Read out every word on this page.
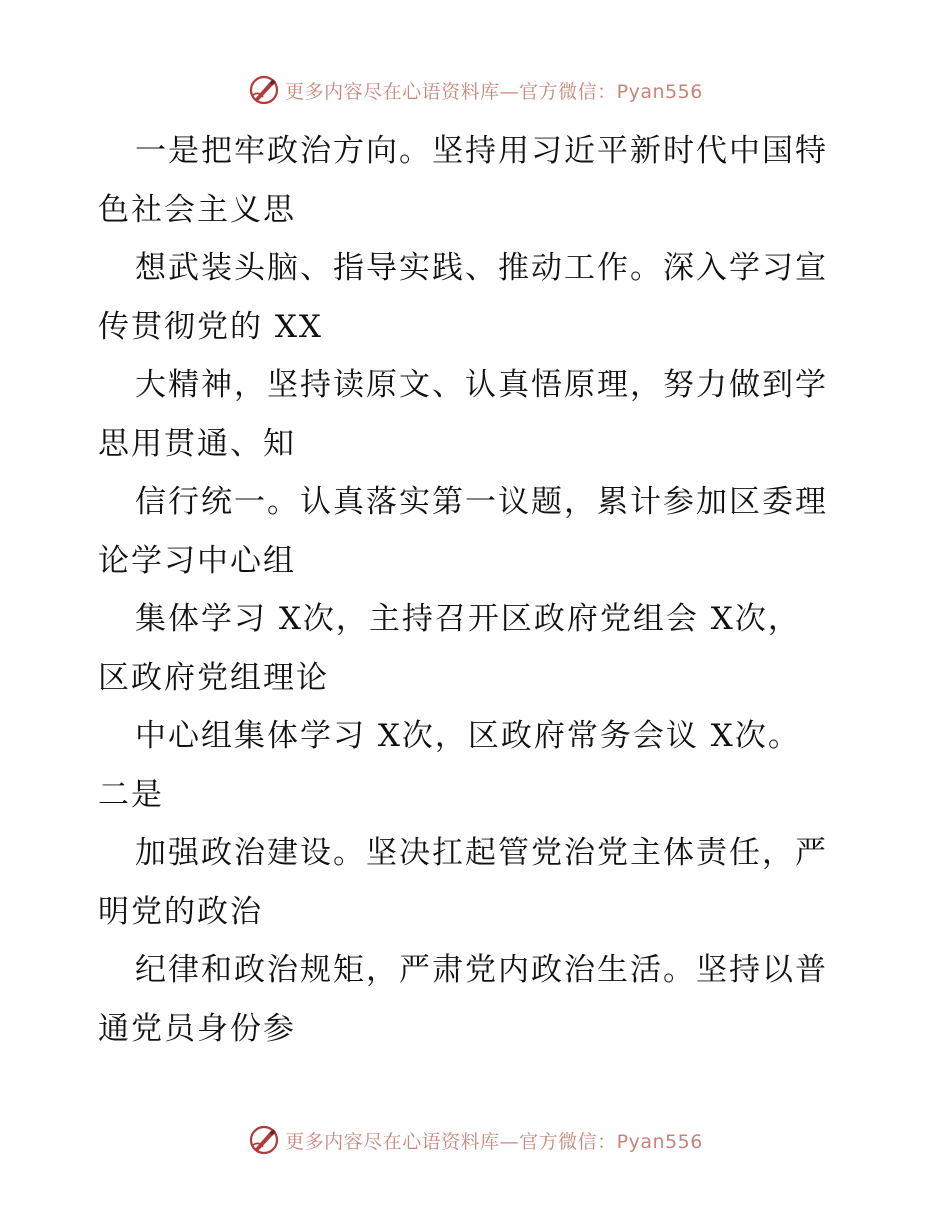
更多内容尽在心语资料库—官方微信：Pyan556
一是把牢政治方向。坚持用习近平新时代中国特
色社会主义思
想武装头脑、指导实践、推动工作。深入学习宣
传贯彻党的 XX
大精神，坚持读原文、认真悟原理，努力做到学
思用贯通、知
信行统一。认真落实第一议题，累计参加区委理
论学习中心组
集体学习 X次，主持召开区政府党组会 X次，
区政府党组理论
中心组集体学习 X次，区政府常务会议 X次。
二是
加强政治建设。坚决扛起管党治党主体责任，严
明党的政治
纪律和政治规矩，严肃党内政治生活。坚持以普
通党员身份参
更多内容尽在心语资料库—官方微信：Pyan556
